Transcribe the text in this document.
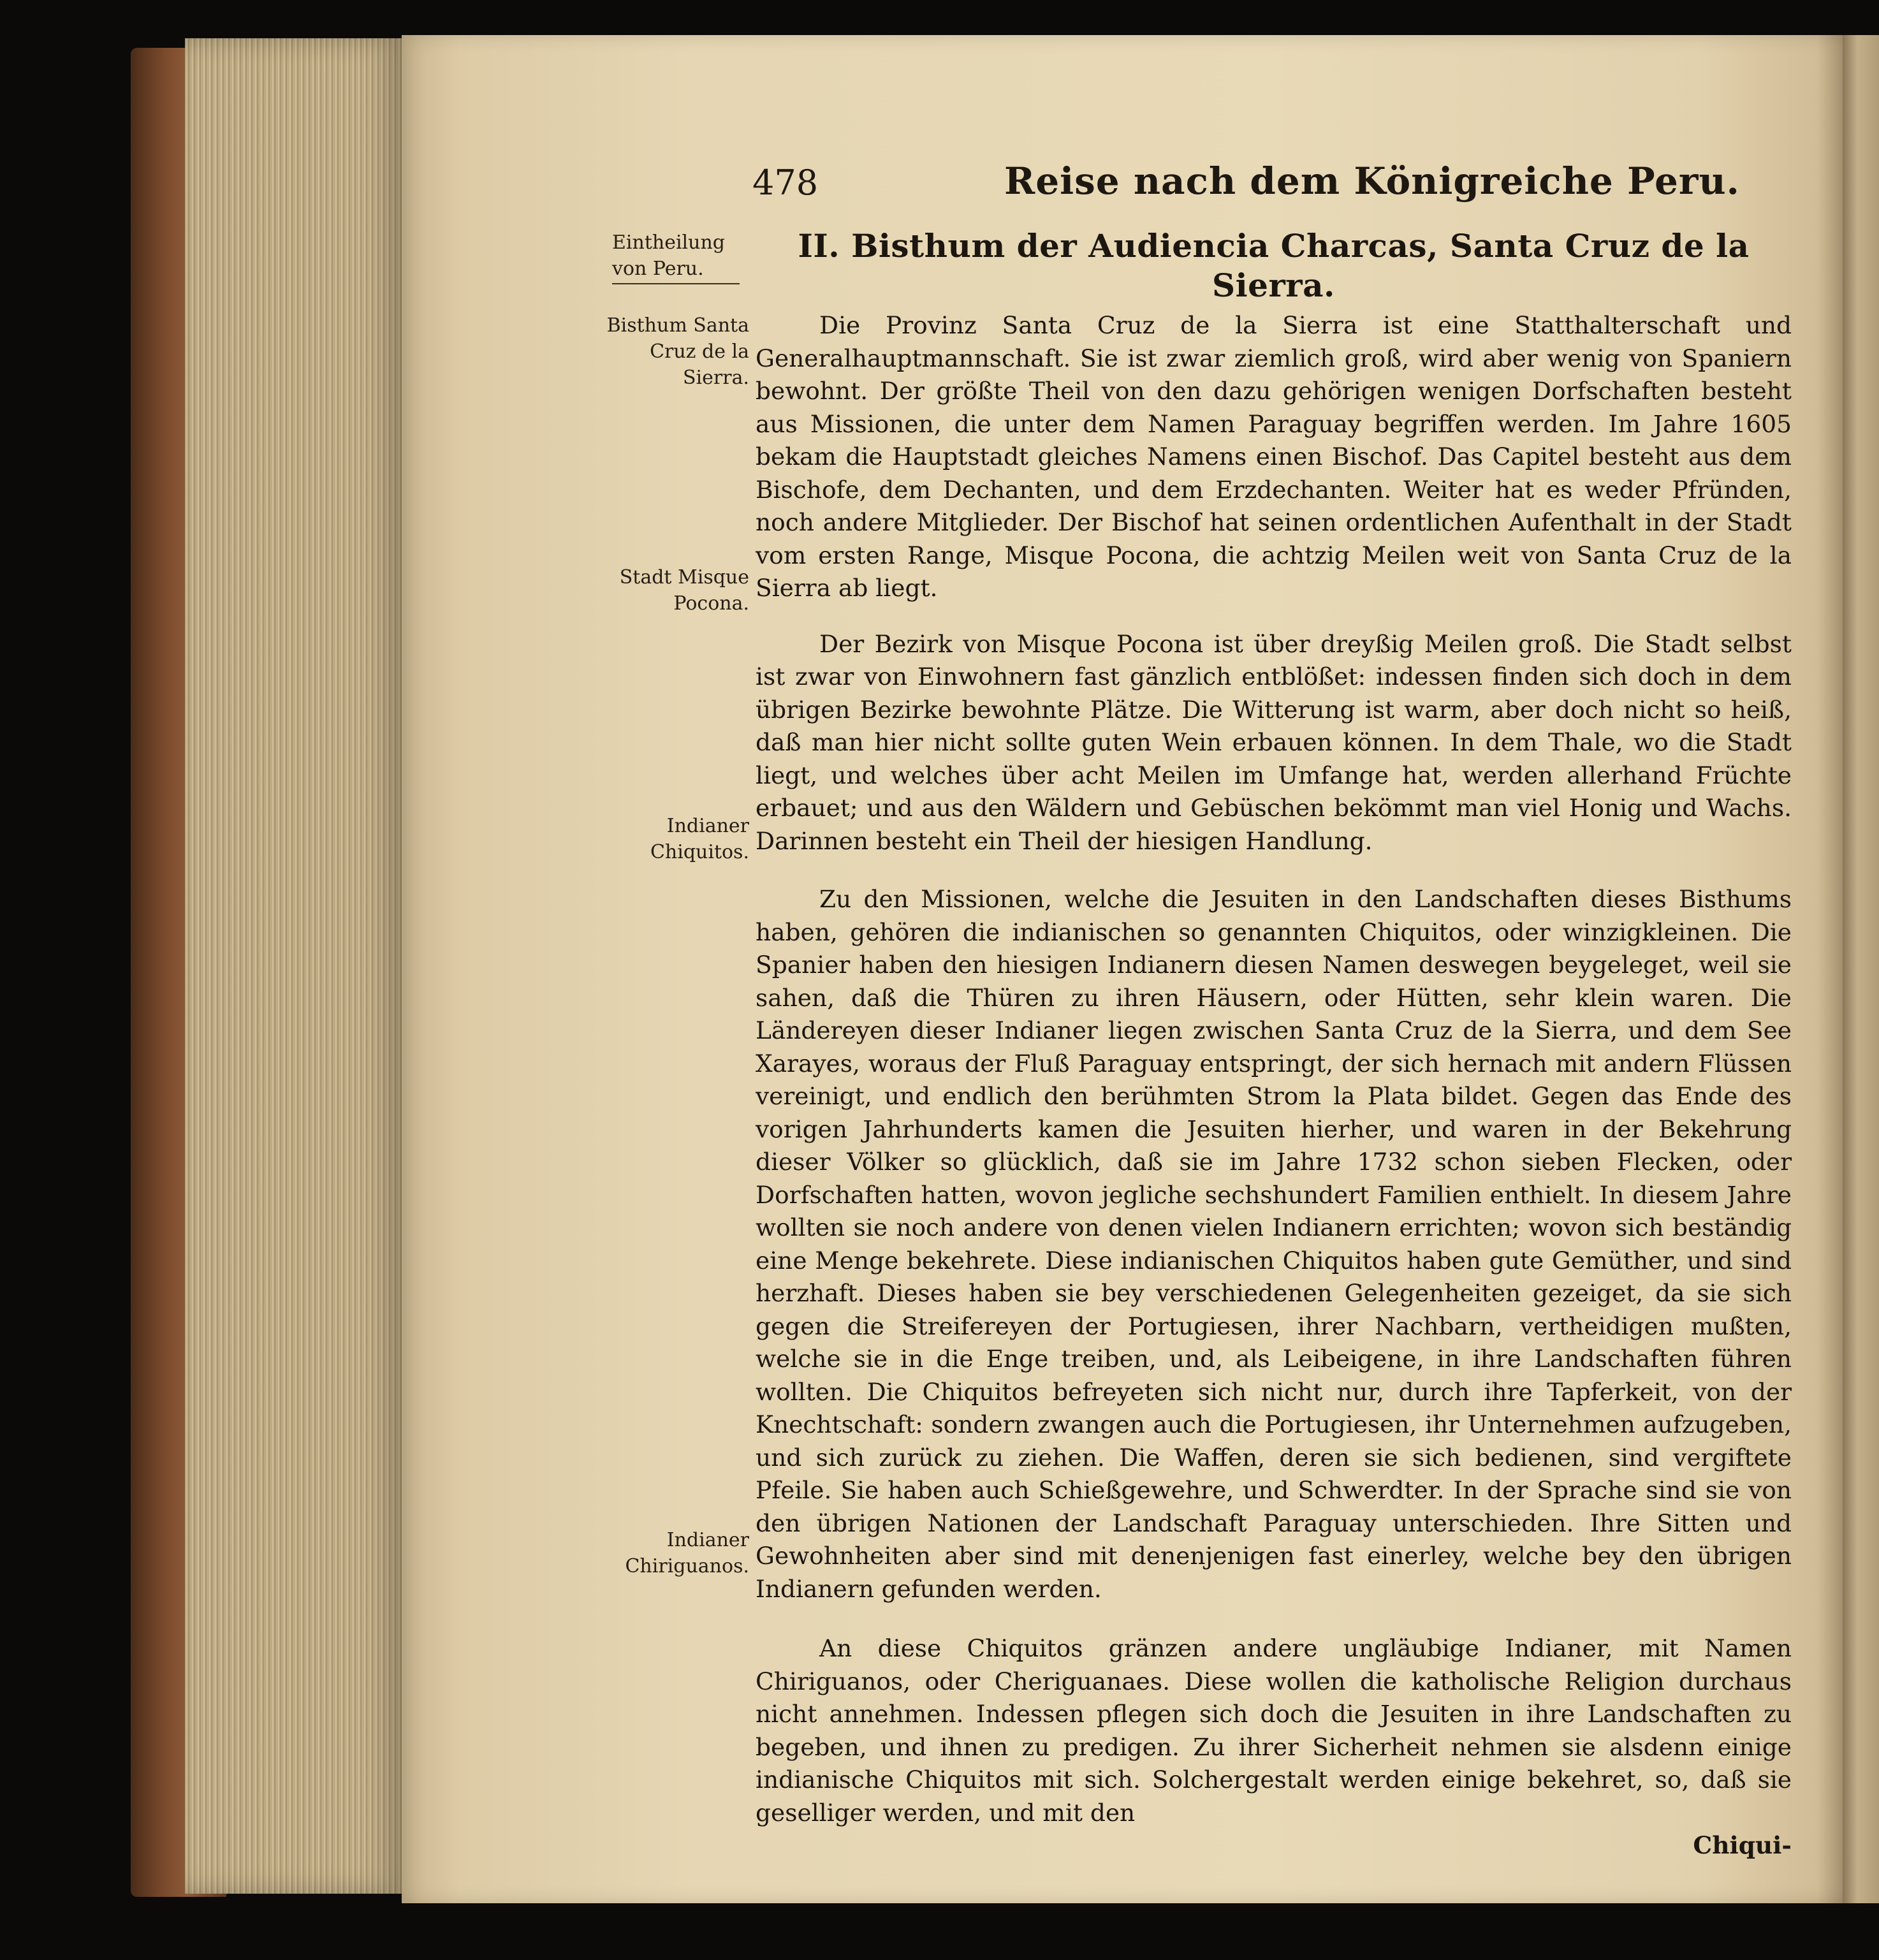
478	Reise nach dem Königreiche Peru.
Eintheilung von Peru.
Bisthum Santa Cruz de la Sierra.
Stadt Misque Pocona.
Indianer Chiquitos.
Indianer Chiriguanos.
II. Bisthum der Audiencia Charcas, Santa Cruz de la Sierra.

Die Provinz Santa Cruz de la Sierra ist eine Statthalterschaft und Generalhauptmannschaft. Sie ist zwar ziemlich groß, wird aber wenig von Spaniern bewohnt. Der größte Theil von den dazu gehörigen wenigen Dorfschaften besteht aus Missionen, die unter dem Namen Paraguay begriffen werden. Im Jahre 1605 bekam die Hauptstadt gleiches Namens einen Bischof. Das Capitel besteht aus dem Bischofe, dem Dechanten, und dem Erzdechanten. Weiter hat es weder Pfründen, noch andere Mitglieder. Der Bischof hat seinen ordentlichen Aufenthalt in der Stadt vom ersten Range, Misque Pocona, die achtzig Meilen weit von Santa Cruz de la Sierra ab liegt.

Der Bezirk von Misque Pocona ist über dreyßig Meilen groß. Die Stadt selbst ist zwar von Einwohnern fast gänzlich entblößet: indessen finden sich doch in dem übrigen Bezirke bewohnte Plätze. Die Witterung ist warm, aber doch nicht so heiß, daß man hier nicht sollte guten Wein erbauen können. In dem Thale, wo die Stadt liegt, und welches über acht Meilen im Umfange hat, werden allerhand Früchte erbauet; und aus den Wäldern und Gebüschen bekömmt man viel Honig und Wachs. Darinnen besteht ein Theil der hiesigen Handlung.

Zu den Missionen, welche die Jesuiten in den Landschaften dieses Bisthums haben, gehören die indianischen so genannten Chiquitos, oder winzigkleinen. Die Spanier haben den hiesigen Indianern diesen Namen deswegen beygeleget, weil sie sahen, daß die Thüren zu ihren Häusern, oder Hütten, sehr klein waren. Die Ländereyen dieser Indianer liegen zwischen Santa Cruz de la Sierra, und dem See Xarayes, woraus der Fluß Paraguay entspringt, der sich hernach mit andern Flüssen vereinigt, und endlich den berühmten Strom la Plata bildet. Gegen das Ende des vorigen Jahrhunderts kamen die Jesuiten hierher, und waren in der Bekehrung dieser Völker so glücklich, daß sie im Jahre 1732 schon sieben Flecken, oder Dorfschaften hatten, wovon jegliche sechshundert Familien enthielt. In diesem Jahre wollten sie noch andere von denen vielen Indianern errichten; wovon sich beständig eine Menge bekehrete. Diese indianischen Chiquitos haben gute Gemüther, und sind herzhaft. Dieses haben sie bey verschiedenen Gelegenheiten gezeiget, da sie sich gegen die Streifereyen der Portugiesen, ihrer Nachbarn, vertheidigen mußten, welche sie in die Enge treiben, und, als Leibeigene, in ihre Landschaften führen wollten. Die Chiquitos befreyeten sich nicht nur, durch ihre Tapferkeit, von der Knechtschaft: sondern zwangen auch die Portugiesen, ihr Unternehmen aufzugeben, und sich zurück zu ziehen. Die Waffen, deren sie sich bedienen, sind vergiftete Pfeile. Sie haben auch Schießgewehre, und Schwerdter. In der Sprache sind sie von den übrigen Nationen der Landschaft Paraguay unterschieden. Ihre Sitten und Gewohnheiten aber sind mit denenjenigen fast einerley, welche bey den übrigen Indianern gefunden werden.

An diese Chiquitos gränzen andere ungläubige Indianer, mit Namen Chiriguanos, oder Cheriguanaes. Diese wollen die katholische Religion durchaus nicht annehmen. Indessen pflegen sich doch die Jesuiten in ihre Landschaften zu begeben, und ihnen zu predigen. Zu ihrer Sicherheit nehmen sie alsdenn einige indianische Chiquitos mit sich. Solchergestalt werden einige bekehret, so, daß sie geselliger werden, und mit den

Chiqui-
